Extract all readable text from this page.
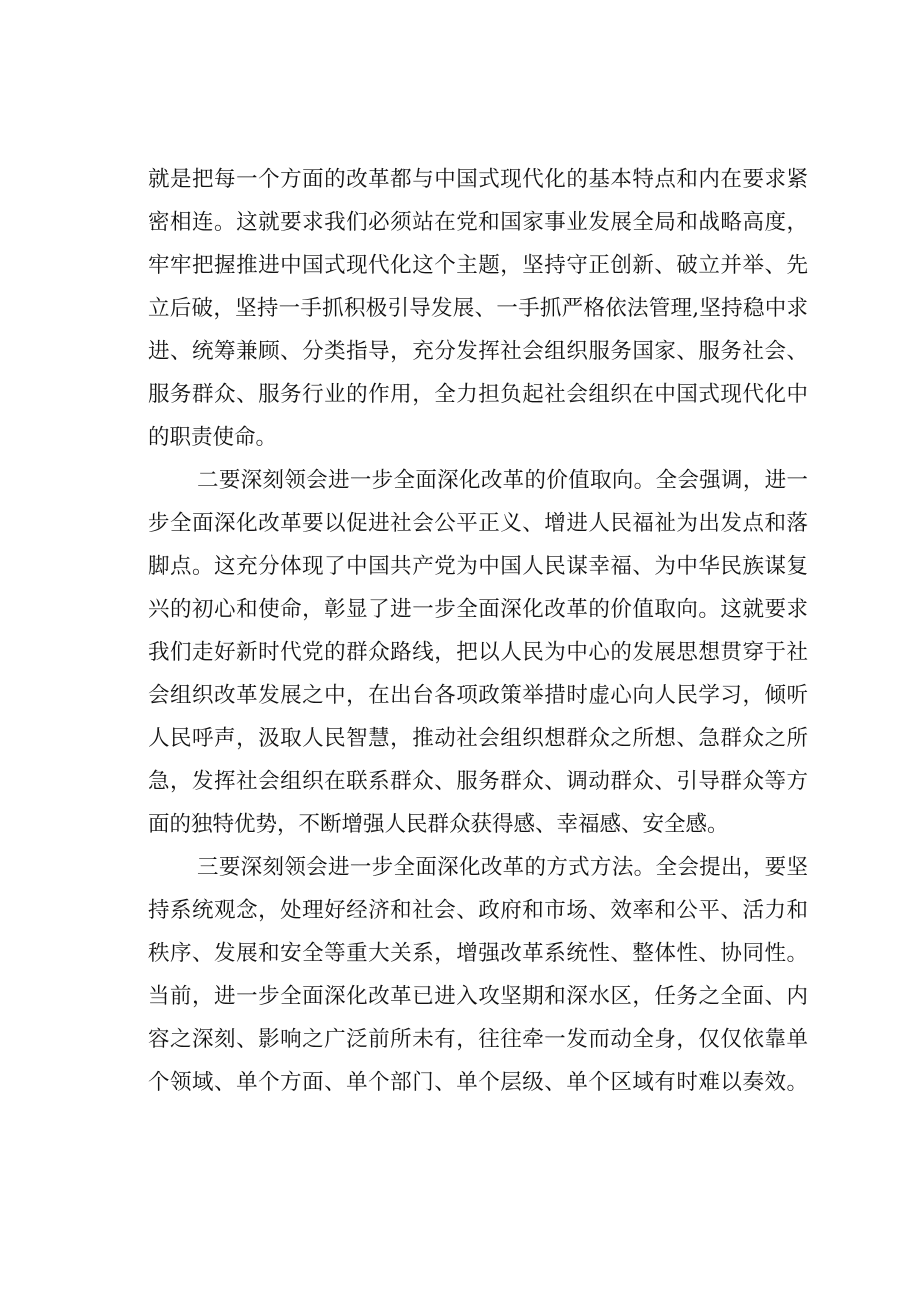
就是把每一个方面的改革都与中国式现代化的基本特点和内在要求紧
密相连。这就要求我们必须站在党和国家事业发展全局和战略高度，
牢牢把握推进中国式现代化这个主题，坚持守正创新、破立并举、先
立后破，坚持一手抓积极引导发展、一手抓严格依法管理,坚持稳中求
进、统筹兼顾、分类指导，充分发挥社会组织服务国家、服务社会、
服务群众、服务行业的作用，全力担负起社会组织在中国式现代化中
的职责使命。
二要深刻领会进一步全面深化改革的价值取向。全会强调，进一
步全面深化改革要以促进社会公平正义、增进人民福祉为出发点和落
脚点。这充分体现了中国共产党为中国人民谋幸福、为中华民族谋复
兴的初心和使命，彰显了进一步全面深化改革的价值取向。这就要求
我们走好新时代党的群众路线，把以人民为中心的发展思想贯穿于社
会组织改革发展之中，在出台各项政策举措时虚心向人民学习，倾听
人民呼声，汲取人民智慧，推动社会组织想群众之所想、急群众之所
急，发挥社会组织在联系群众、服务群众、调动群众、引导群众等方
面的独特优势，不断增强人民群众获得感、幸福感、安全感。
三要深刻领会进一步全面深化改革的方式方法。全会提出，要坚
持系统观念，处理好经济和社会、政府和市场、效率和公平、活力和
秩序、发展和安全等重大关系，增强改革系统性、整体性、协同性。
当前，进一步全面深化改革已进入攻坚期和深水区，任务之全面、内
容之深刻、影响之广泛前所未有，往往牵一发而动全身，仅仅依靠单
个领域、单个方面、单个部门、单个层级、单个区域有时难以奏效。
